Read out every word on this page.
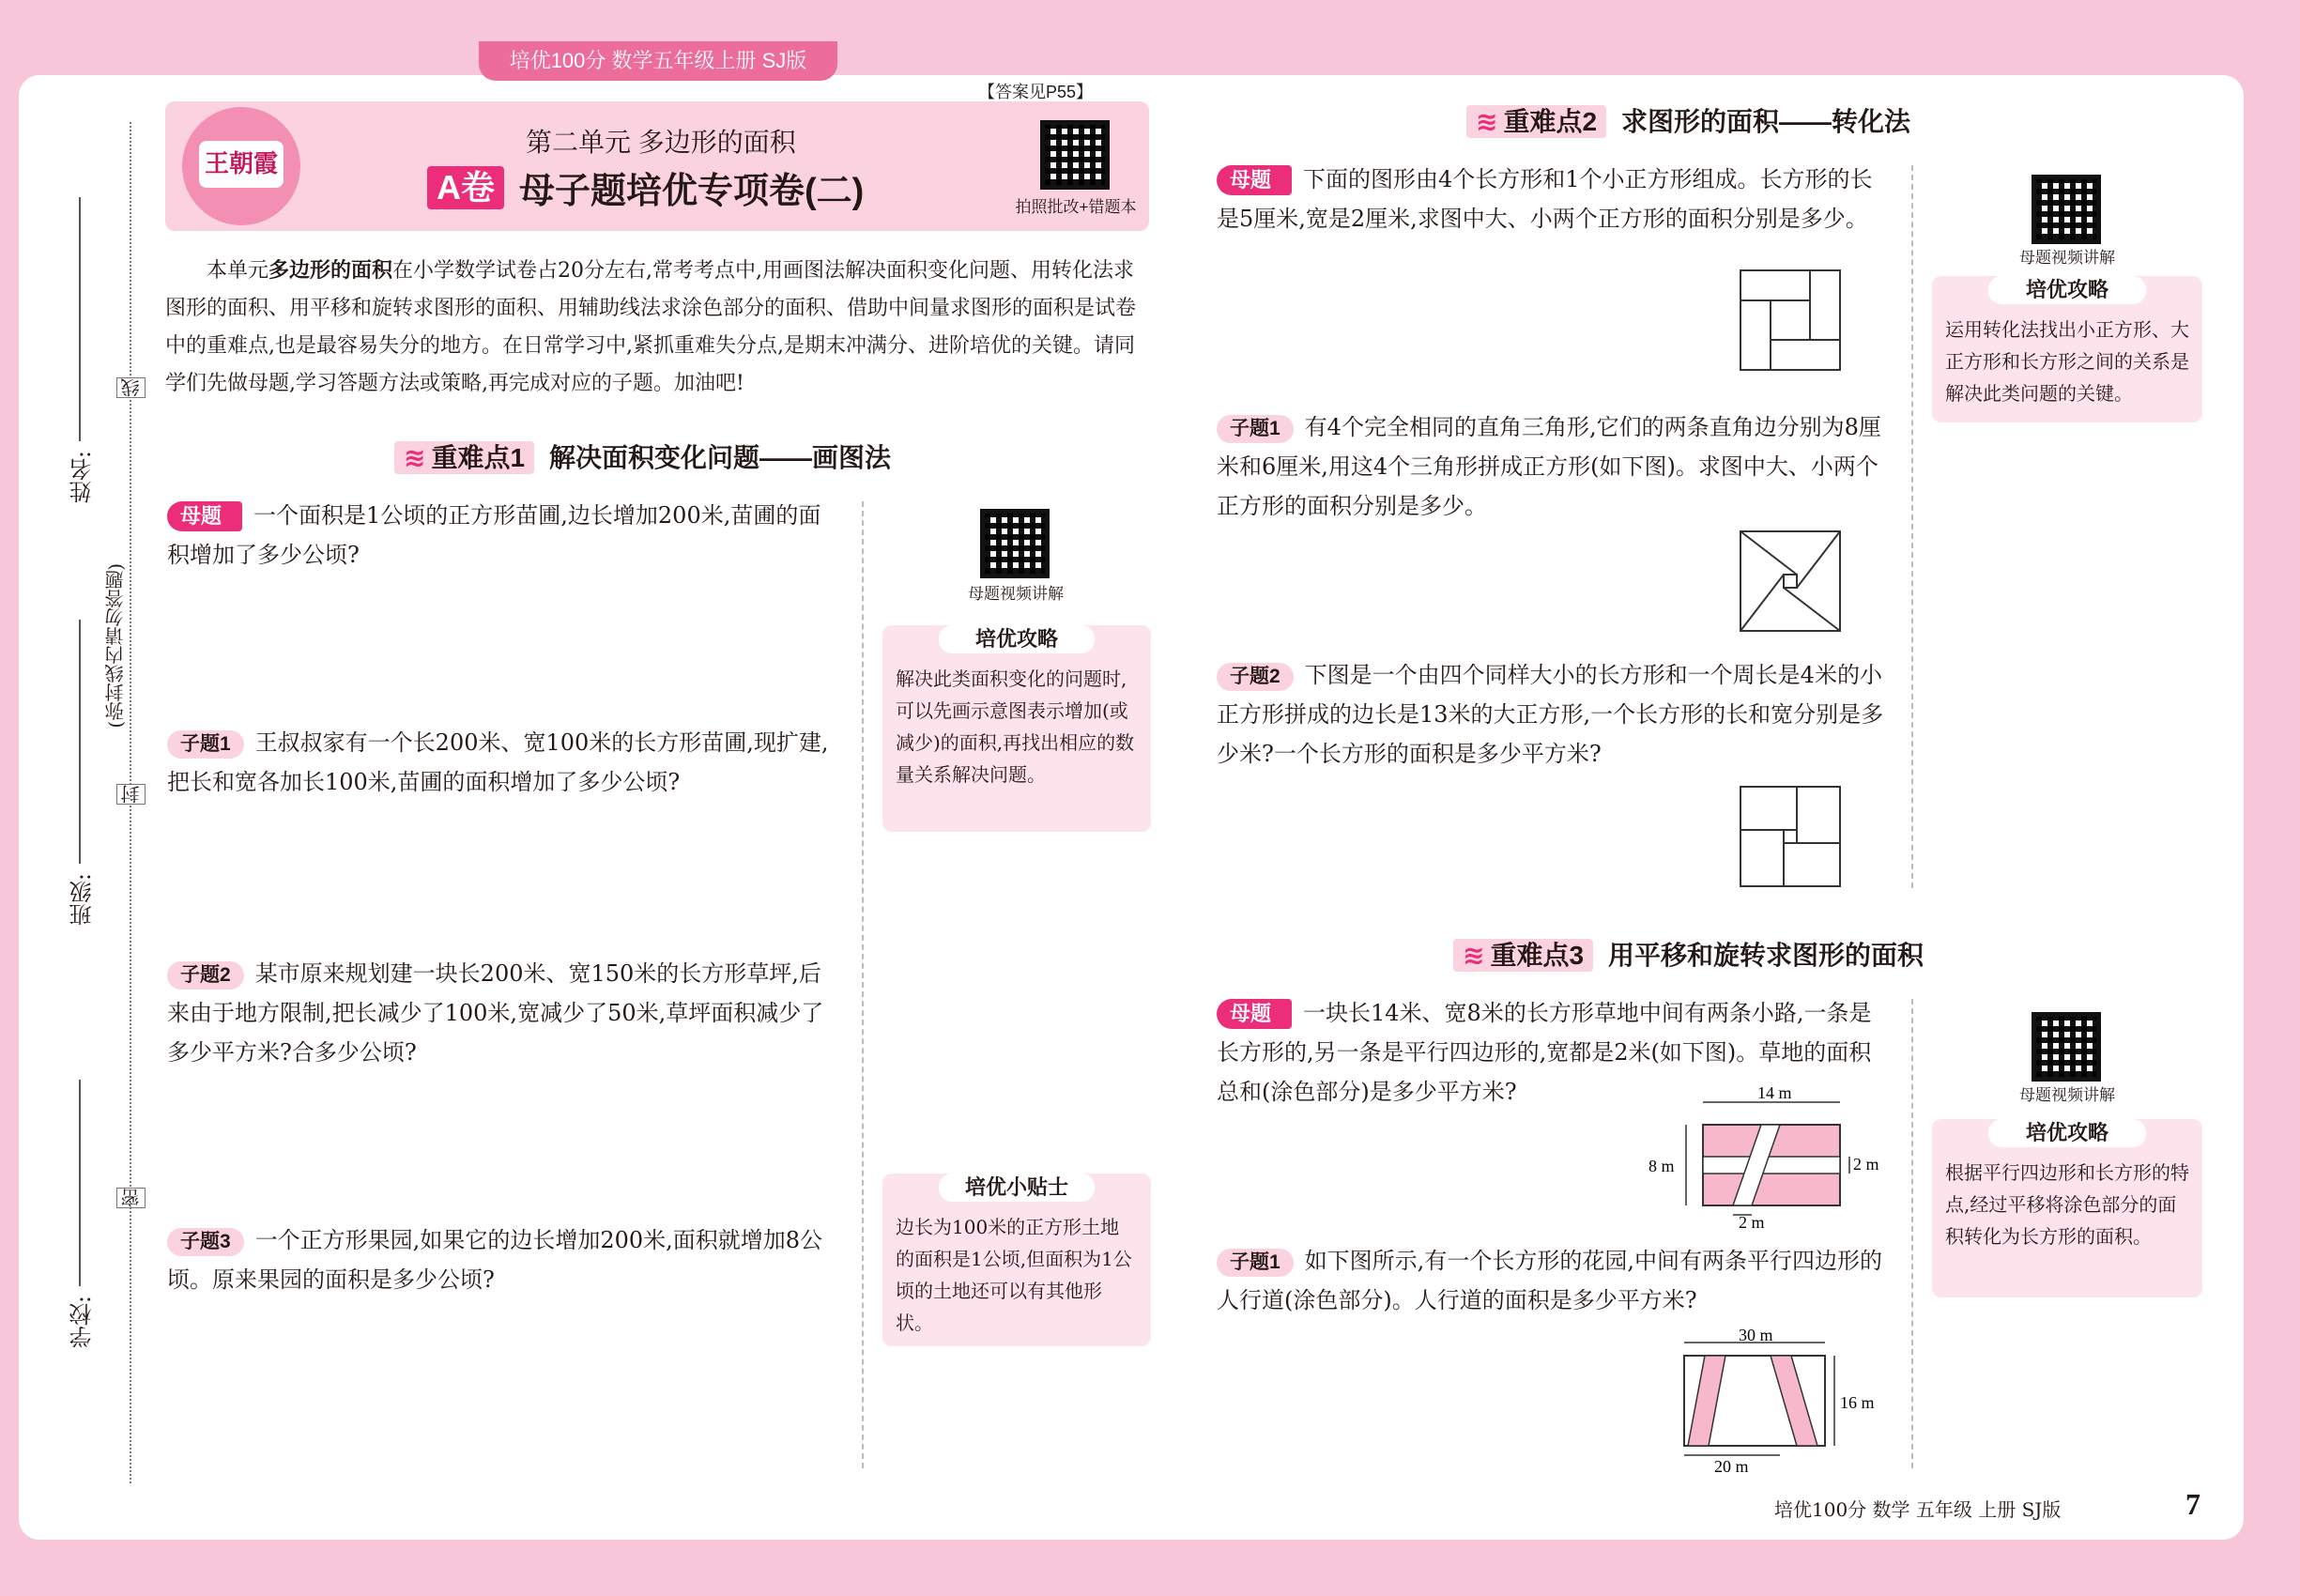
培优100分 数学五年级上册 SJ版
姓名:
班级:
学校:
线
封
密
(弥封线内请勿答题)
【答案见P55】
王朝霞
第二单元 多边形的面积
A卷 母子题培优专项卷(二)	拍照批改+错题本
本单元多边形的面积在小学数学试卷占20分左右,常考考点中,用画图法解决面积变化问题、用转化法求图形的面积、用平移和旋转求图形的面积、用辅助线法求涂色部分的面积、借助中间量求图形的面积是试卷中的重难点,也是最容易失分的地方。在日常学习中,紧抓重难失分点,是期末冲满分、进阶培优的关键。请同学们先做母题,学习答题方法或策略,再完成对应的子题。加油吧!
≋ 重难点1 解决面积变化问题——画图法
母题 一个面积是1公顷的正方形苗圃,边长增加200米,苗圃的面积增加了多少公顷?
子题1 王叔叔家有一个长200米、宽100米的长方形苗圃,现扩建,把长和宽各加长100米,苗圃的面积增加了多少公顷?
子题2 某市原来规划建一块长200米、宽150米的长方形草坪,后来由于地方限制,把长减少了100米,宽减少了50米,草坪面积减少了多少平方米?合多少公顷?
子题3 一个正方形果园,如果它的边长增加200米,面积就增加8公顷。原来果园的面积是多少公顷?
母题视频讲解
培优攻略
解决此类面积变化的问题时,可以先画示意图表示增加(或减少)的面积,再找出相应的数量关系解决问题。
培优小贴士
边长为100米的正方形土地的面积是1公顷,但面积为1公顷的土地还可以有其他形状。
≋ 重难点2 求图形的面积——转化法
母题 下面的图形由4个长方形和1个小正方形组成。长方形的长是5厘米,宽是2厘米,求图中大、小两个正方形的面积分别是多少。
子题1 有4个完全相同的直角三角形,它们的两条直角边分别为8厘米和6厘米,用这4个三角形拼成正方形(如下图)。求图中大、小两个正方形的面积分别是多少。
子题2 下图是一个由四个同样大小的长方形和一个周长是4米的小正方形拼成的边长是13米的大正方形,一个长方形的长和宽分别是多少米?一个长方形的面积是多少平方米?
母题视频讲解
培优攻略
运用转化法找出小正方形、大正方形和长方形之间的关系是解决此类问题的关键。
≋ 重难点3 用平移和旋转求图形的面积
母题 一块长14米、宽8米的长方形草地中间有两条小路,一条是长方形的,另一条是平行四边形的,宽都是2米(如下图)。草地的面积总和(涂色部分)是多少平方米?	14 m
8 m	2 m
2 m
子题1 如下图所示,有一个长方形的花园,中间有两条平行四边形的人行道(涂色部分)。人行道的面积是多少平方米?
30 m
16 m
20 m
母题视频讲解
培优攻略
根据平行四边形和长方形的特点,经过平移将涂色部分的面积转化为长方形的面积。
培优100分 数学 五年级 上册 SJ版	7
